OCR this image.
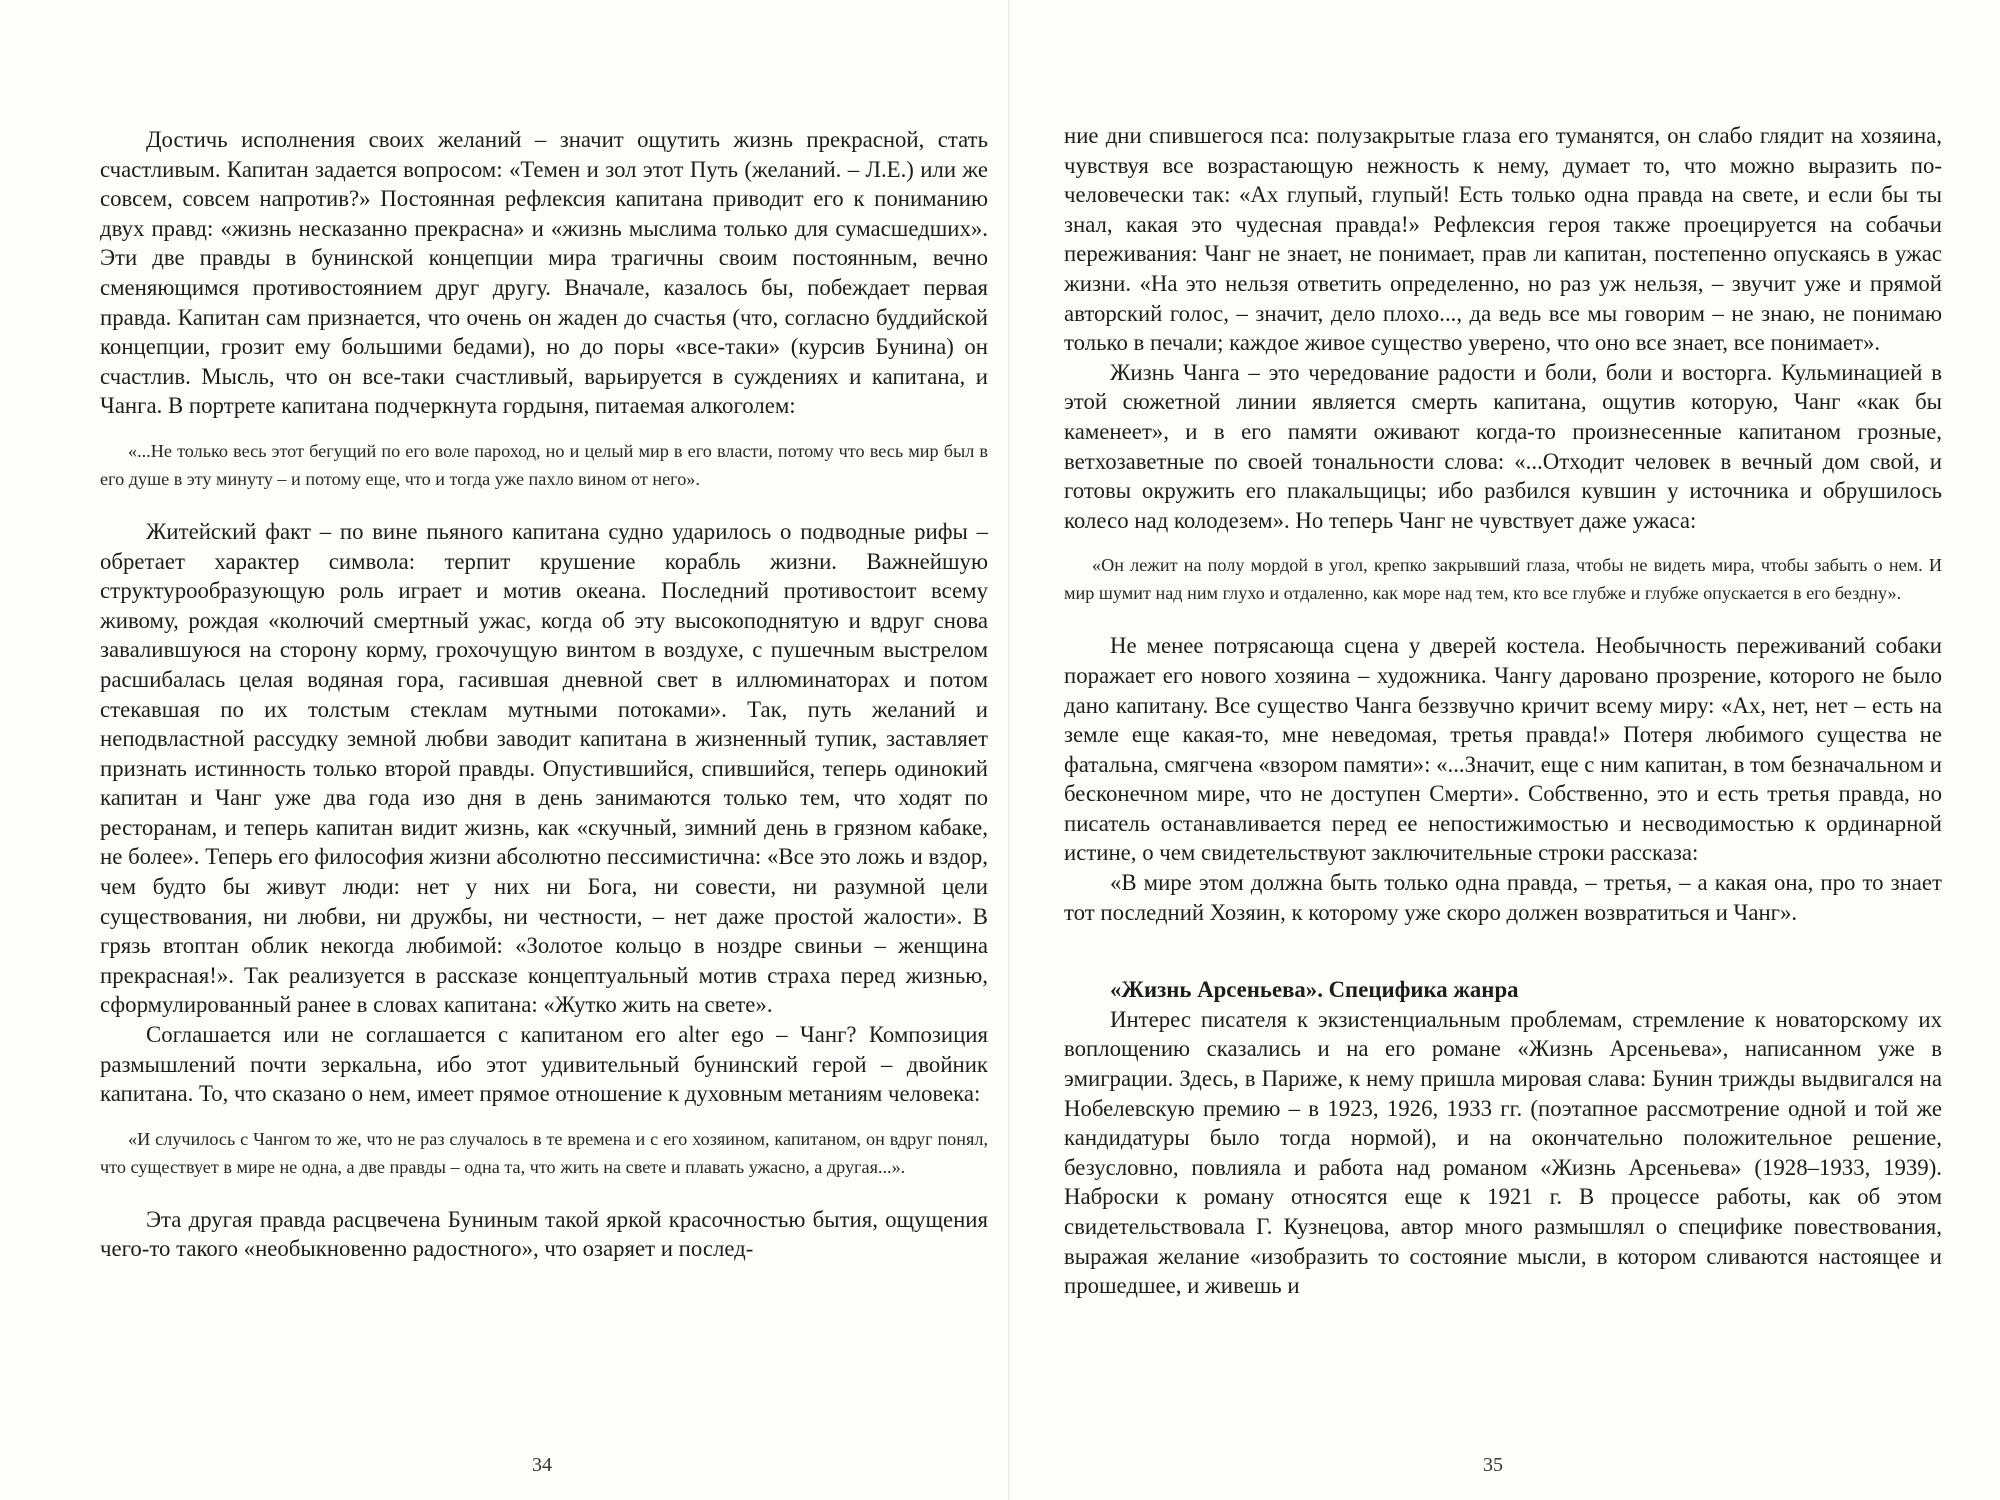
Достичь исполнения своих желаний – значит ощутить жизнь прекрасной, стать счастливым. Капитан задается вопросом: «Темен и зол этот Путь (желаний. – Л.Е.) или же совсем, совсем напротив?» Постоянная рефлексия капитана приводит его к пониманию двух правд: «жизнь несказанно прекрасна» и «жизнь мыслима только для сумасшедших». Эти две правды в бунинской концепции мира трагичны своим постоянным, вечно сменяющимся противостоянием друг другу. Вначале, казалось бы, побеждает первая правда. Капитан сам признается, что очень он жаден до счастья (что, согласно буддийской концепции, грозит ему большими бедами), но до поры «все-таки» (курсив Бунина) он счастлив. Мысль, что он все-таки счастливый, варьируется в суждениях и капитана, и Чанга. В портрете капитана подчеркнута гордыня, питаемая алкоголем:

«...Не только весь этот бегущий по его воле пароход, но и целый мир в его власти, потому что весь мир был в его душе в эту минуту – и потому еще, что и тогда уже пахло вином от него».

Житейский факт – по вине пьяного капитана судно ударилось о подводные рифы – обретает характер символа: терпит крушение корабль жизни. Важнейшую структурообразующую роль играет и мотив океана. Последний противостоит всему живому, рождая «колючий смертный ужас, когда об эту высокоподнятую и вдруг снова завалившуюся на сторону корму, грохочущую винтом в воздухе, с пушечным выстрелом расшибалась целая водяная гора, гасившая дневной свет в иллюминаторах и потом стекавшая по их толстым стеклам мутными потоками». Так, путь желаний и неподвластной рассудку земной любви заводит капитана в жизненный тупик, заставляет признать истинность только второй правды. Опустившийся, спившийся, теперь одинокий капитан и Чанг уже два года изо дня в день занимаются только тем, что ходят по ресторанам, и теперь капитан видит жизнь, как «скучный, зимний день в грязном кабаке, не более». Теперь его философия жизни абсолютно пессимистична: «Все это ложь и вздор, чем будто бы живут люди: нет у них ни Бога, ни совести, ни разумной цели существования, ни любви, ни дружбы, ни честности, – нет даже простой жалости». В грязь втоптан облик некогда любимой: «Золотое кольцо в ноздре свиньи – женщина прекрасная!». Так реализуется в рассказе концептуальный мотив страха перед жизнью, сформулированный ранее в словах капитана: «Жутко жить на свете».

Соглашается или не соглашается с капитаном его alter ego – Чанг? Композиция размышлений почти зеркальна, ибо этот удивительный бунинский герой – двойник капитана. То, что сказано о нем, имеет прямое отношение к духовным метаниям человека:

«И случилось с Чангом то же, что не раз случалось в те времена и с его хозяином, капитаном, он вдруг понял, что существует в мире не одна, а две правды – одна та, что жить на свете и плавать ужасно, а другая...».

Эта другая правда расцвечена Буниным такой яркой красочностью бытия, ощущения чего-то такого «необыкновенно радостного», что озаряет и послед-

34

ние дни спившегося пса: полузакрытые глаза его туманятся, он слабо глядит на хозяина, чувствуя все возрастающую нежность к нему, думает то, что можно выразить по-человечески так: «Ах глупый, глупый! Есть только одна правда на свете, и если бы ты знал, какая это чудесная правда!» Рефлексия героя также проецируется на собачьи переживания: Чанг не знает, не понимает, прав ли капитан, постепенно опускаясь в ужас жизни. «На это нельзя ответить определенно, но раз уж нельзя, – звучит уже и прямой авторский голос, – значит, дело плохо..., да ведь все мы говорим – не знаю, не понимаю только в печали; каждое живое существо уверено, что оно все знает, все понимает».

Жизнь Чанга – это чередование радости и боли, боли и восторга. Кульминацией в этой сюжетной линии является смерть капитана, ощутив которую, Чанг «как бы каменеет», и в его памяти оживают когда-то произнесенные капитаном грозные, ветхозаветные по своей тональности слова: «...Отходит человек в вечный дом свой, и готовы окружить его плакальщицы; ибо разбился кувшин у источника и обрушилось колесо над колодезем». Но теперь Чанг не чувствует даже ужаса:

«Он лежит на полу мордой в угол, крепко закрывший глаза, чтобы не видеть мира, чтобы забыть о нем. И мир шумит над ним глухо и отдаленно, как море над тем, кто все глубже и глубже опускается в его бездну».

Не менее потрясающа сцена у дверей костела. Необычность переживаний собаки поражает его нового хозяина – художника. Чангу даровано прозрение, которого не было дано капитану. Все существо Чанга беззвучно кричит всему миру: «Ах, нет, нет – есть на земле еще какая-то, мне неведомая, третья правда!» Потеря любимого существа не фатальна, смягчена «взором памяти»: «...Значит, еще с ним капитан, в том безначальном и бесконечном мире, что не доступен Смерти». Собственно, это и есть третья правда, но писатель останавливается перед ее непостижимостью и несводимостью к ординарной истине, о чем свидетельствуют заключительные строки рассказа:

«В мире этом должна быть только одна правда, – третья, – а какая она, про то знает тот последний Хозяин, к которому уже скоро должен возвратиться и Чанг».

«Жизнь Арсеньева». Специфика жанра

Интерес писателя к экзистенциальным проблемам, стремление к новаторскому их воплощению сказались и на его романе «Жизнь Арсеньева», написанном уже в эмиграции. Здесь, в Париже, к нему пришла мировая слава: Бунин трижды выдвигался на Нобелевскую премию – в 1923, 1926, 1933 гг. (поэтапное рассмотрение одной и той же кандидатуры было тогда нормой), и на окончательно положительное решение, безусловно, повлияла и работа над романом «Жизнь Арсеньева» (1928–1933, 1939). Наброски к роману относятся еще к 1921 г. В процессе работы, как об этом свидетельствовала Г. Кузнецова, автор много размышлял о специфике повествования, выражая желание «изобразить то состояние мысли, в котором сливаются настоящее и прошедшее, и живешь и

35
